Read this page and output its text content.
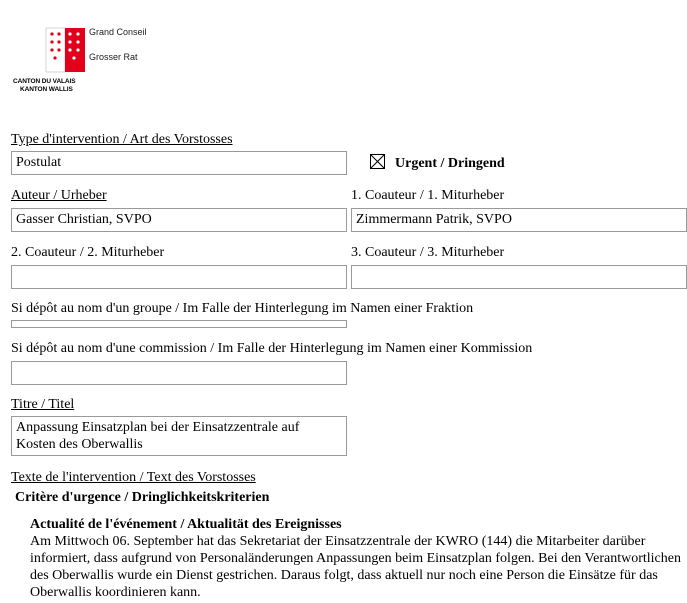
Grand Conseil
Grosser Rat
CANTON DU VALAIS
KANTON WALLIS
Type d'intervention / Art des Vorstosses
Postulat	Urgent / Dringend
Auteur / Urheber
Gasser Christian, SVPO
1. Coauteur / 1. Miturheber
Zimmermann Patrik, SVPO
2. Coauteur / 2. Miturheber	3. Coauteur / 3. Miturheber
Si dépôt au nom d'un groupe / Im Falle der Hinterlegung im Namen einer Fraktion
Si dépôt au nom d'une commission / Im Falle der Hinterlegung im Namen einer Kommission
Titre / Titel
Anpassung Einsatzplan bei der Einsatzzentrale auf Kosten des Oberwallis
Texte de l'intervention / Text des Vorstosses
Critère d'urgence / Dringlichkeitskriterien
Actualité de l'événement / Aktualität des Ereignisses
Am Mittwoch 06. September hat das Sekretariat der Einsatzzentrale der KWRO (144) die Mitarbeiter darüber informiert, dass aufgrund von Personaländerungen Anpassungen beim Einsatzplan folgen. Bei den Verantwortlichen des Oberwallis wurde ein Dienst gestrichen. Daraus folgt, dass aktuell nur noch eine Person die Einsätze für das Oberwallis koordinieren kann.
